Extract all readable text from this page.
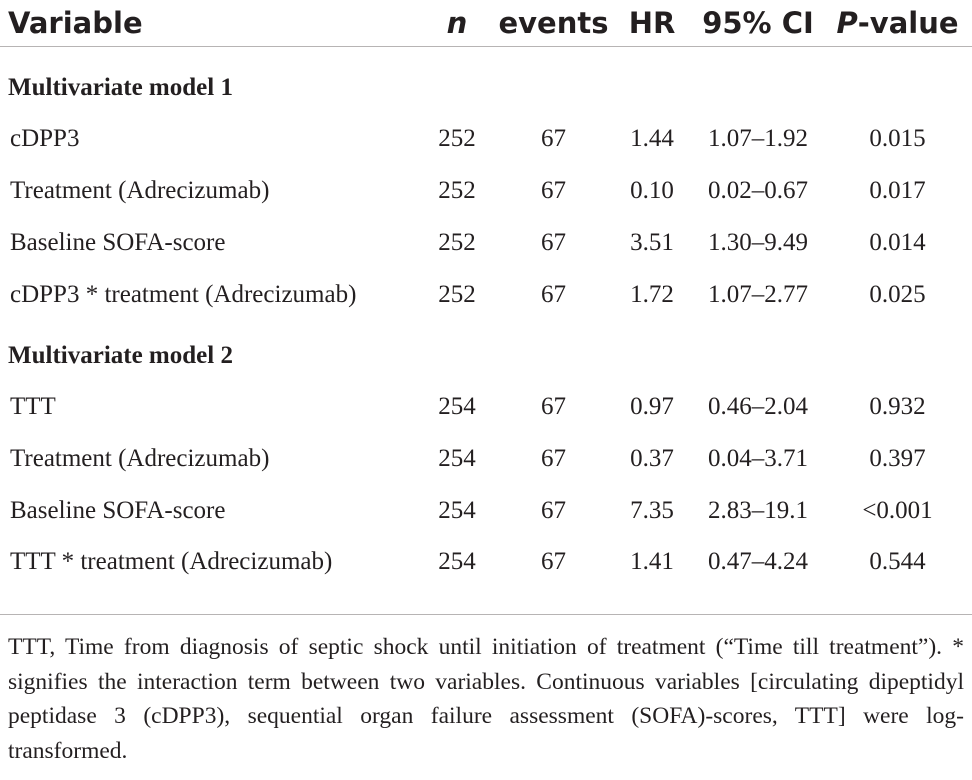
Variable	n	events	HR	95% CI	P-value

Multivariate model 1					
cDPP3	252	67	1.44	1.07–1.92	0.015
Treatment (Adrecizumab)	252	67	0.10	0.02–0.67	0.017
Baseline SOFA-score	252	67	3.51	1.30–9.49	0.014
cDPP3 * treatment (Adrecizumab)	252	67	1.72	1.07–2.77	0.025
Multivariate model 2					
TTT	254	67	0.97	0.46–2.04	0.932
Treatment (Adrecizumab)	254	67	0.37	0.04–3.71	0.397
Baseline SOFA-score	254	67	7.35	2.83–19.1	<0.001
TTT * treatment (Adrecizumab)	254	67	1.41	0.47–4.24	0.544

TTT, Time from diagnosis of septic shock until initiation of treatment (“Time till treatment”). * signifies the interaction term between two variables. Continuous variables [circulating dipeptidyl peptidase 3 (cDPP3), sequential organ failure assessment (SOFA)-scores, TTT] were log-transformed.
